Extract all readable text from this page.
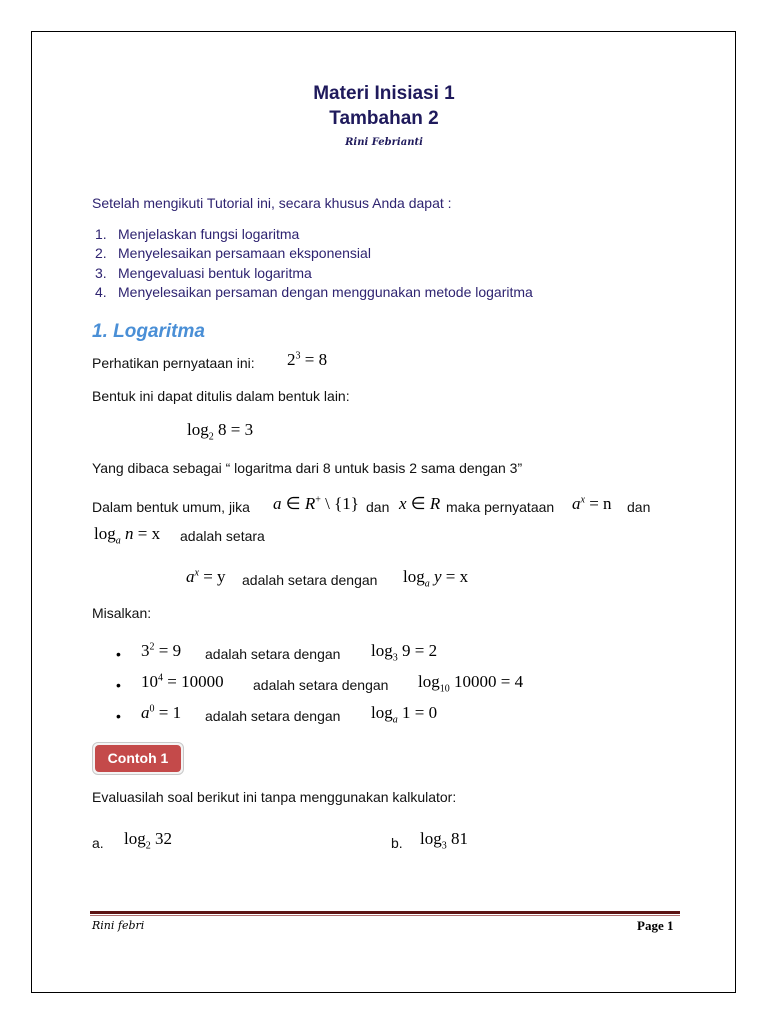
Materi Inisiasi 1
Tambahan 2
Rini Febrianti
Setelah mengikuti Tutorial ini, secara khusus Anda dapat :
1. Menjelaskan fungsi logaritma
2. Menyelesaikan persamaan eksponensial
3. Mengevaluasi bentuk logaritma
4. Menyelesaikan persaman dengan menggunakan metode logaritma
1. Logaritma
Perhatikan pernyataan ini: $2^3 = 8$
Bentuk ini dapat ditulis dalam bentuk lain:
$\log_2 8 = 3$
Yang dibaca sebagai “ logaritma dari 8 untuk basis 2 sama dengan 3”
Dalam bentuk umum, jika a ∈ R+ \ {1} dan x ∈ R maka pernyataan $a^x = n$ dan
$\log_a n = x$ adalah setara
$a^x = y$ adalah setara dengan $\log_a y = x$
Misalkan:
• $3^2 = 9$ adalah setara dengan $\log_3 9 = 2$
• $10^4 = 10000$ adalah setara dengan $\log_{10} 10000 = 4$
• $a^0 = 1$ adalah setara dengan $\log_a 1 = 0$
Contoh 1
Evaluasilah soal berikut ini tanpa menggunakan kalkulator:
a. $\log_2 32$	b. $\log_3 81$
Rini febri	Page 1
